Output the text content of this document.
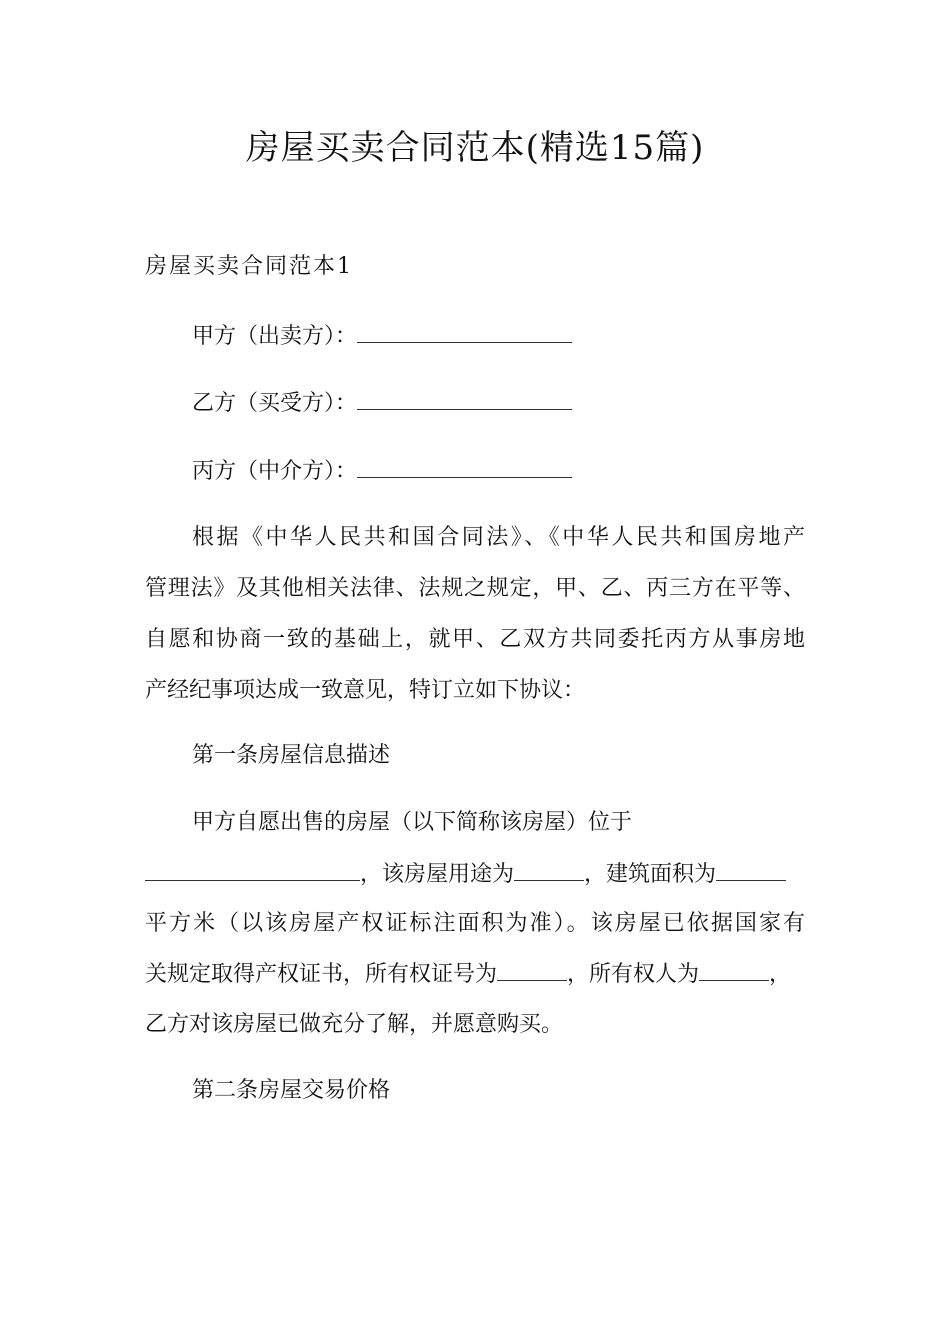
房屋买卖合同范本(精选15篇)
房屋买卖合同范本1
甲方（出卖方）：
乙方（买受方）：
丙方（中介方）：
根据《中华人民共和国合同法》、《中华人民共和国房地产
管理法》及其他相关法律、法规之规定，甲、乙、丙三方在平等、
自愿和协商一致的基础上，就甲、乙双方共同委托丙方从事房地
产经纪事项达成一致意见，特订立如下协议：
第一条房屋信息描述
甲方自愿出售的房屋（以下简称该房屋）位于
，该房屋用途为	，建筑面积为
平方米（以该房屋产权证标注面积为准）。该房屋已依据国家有
关规定取得产权证书，所有权证号为	，所有权人为	，
乙方对该房屋已做充分了解，并愿意购买。
第二条房屋交易价格
